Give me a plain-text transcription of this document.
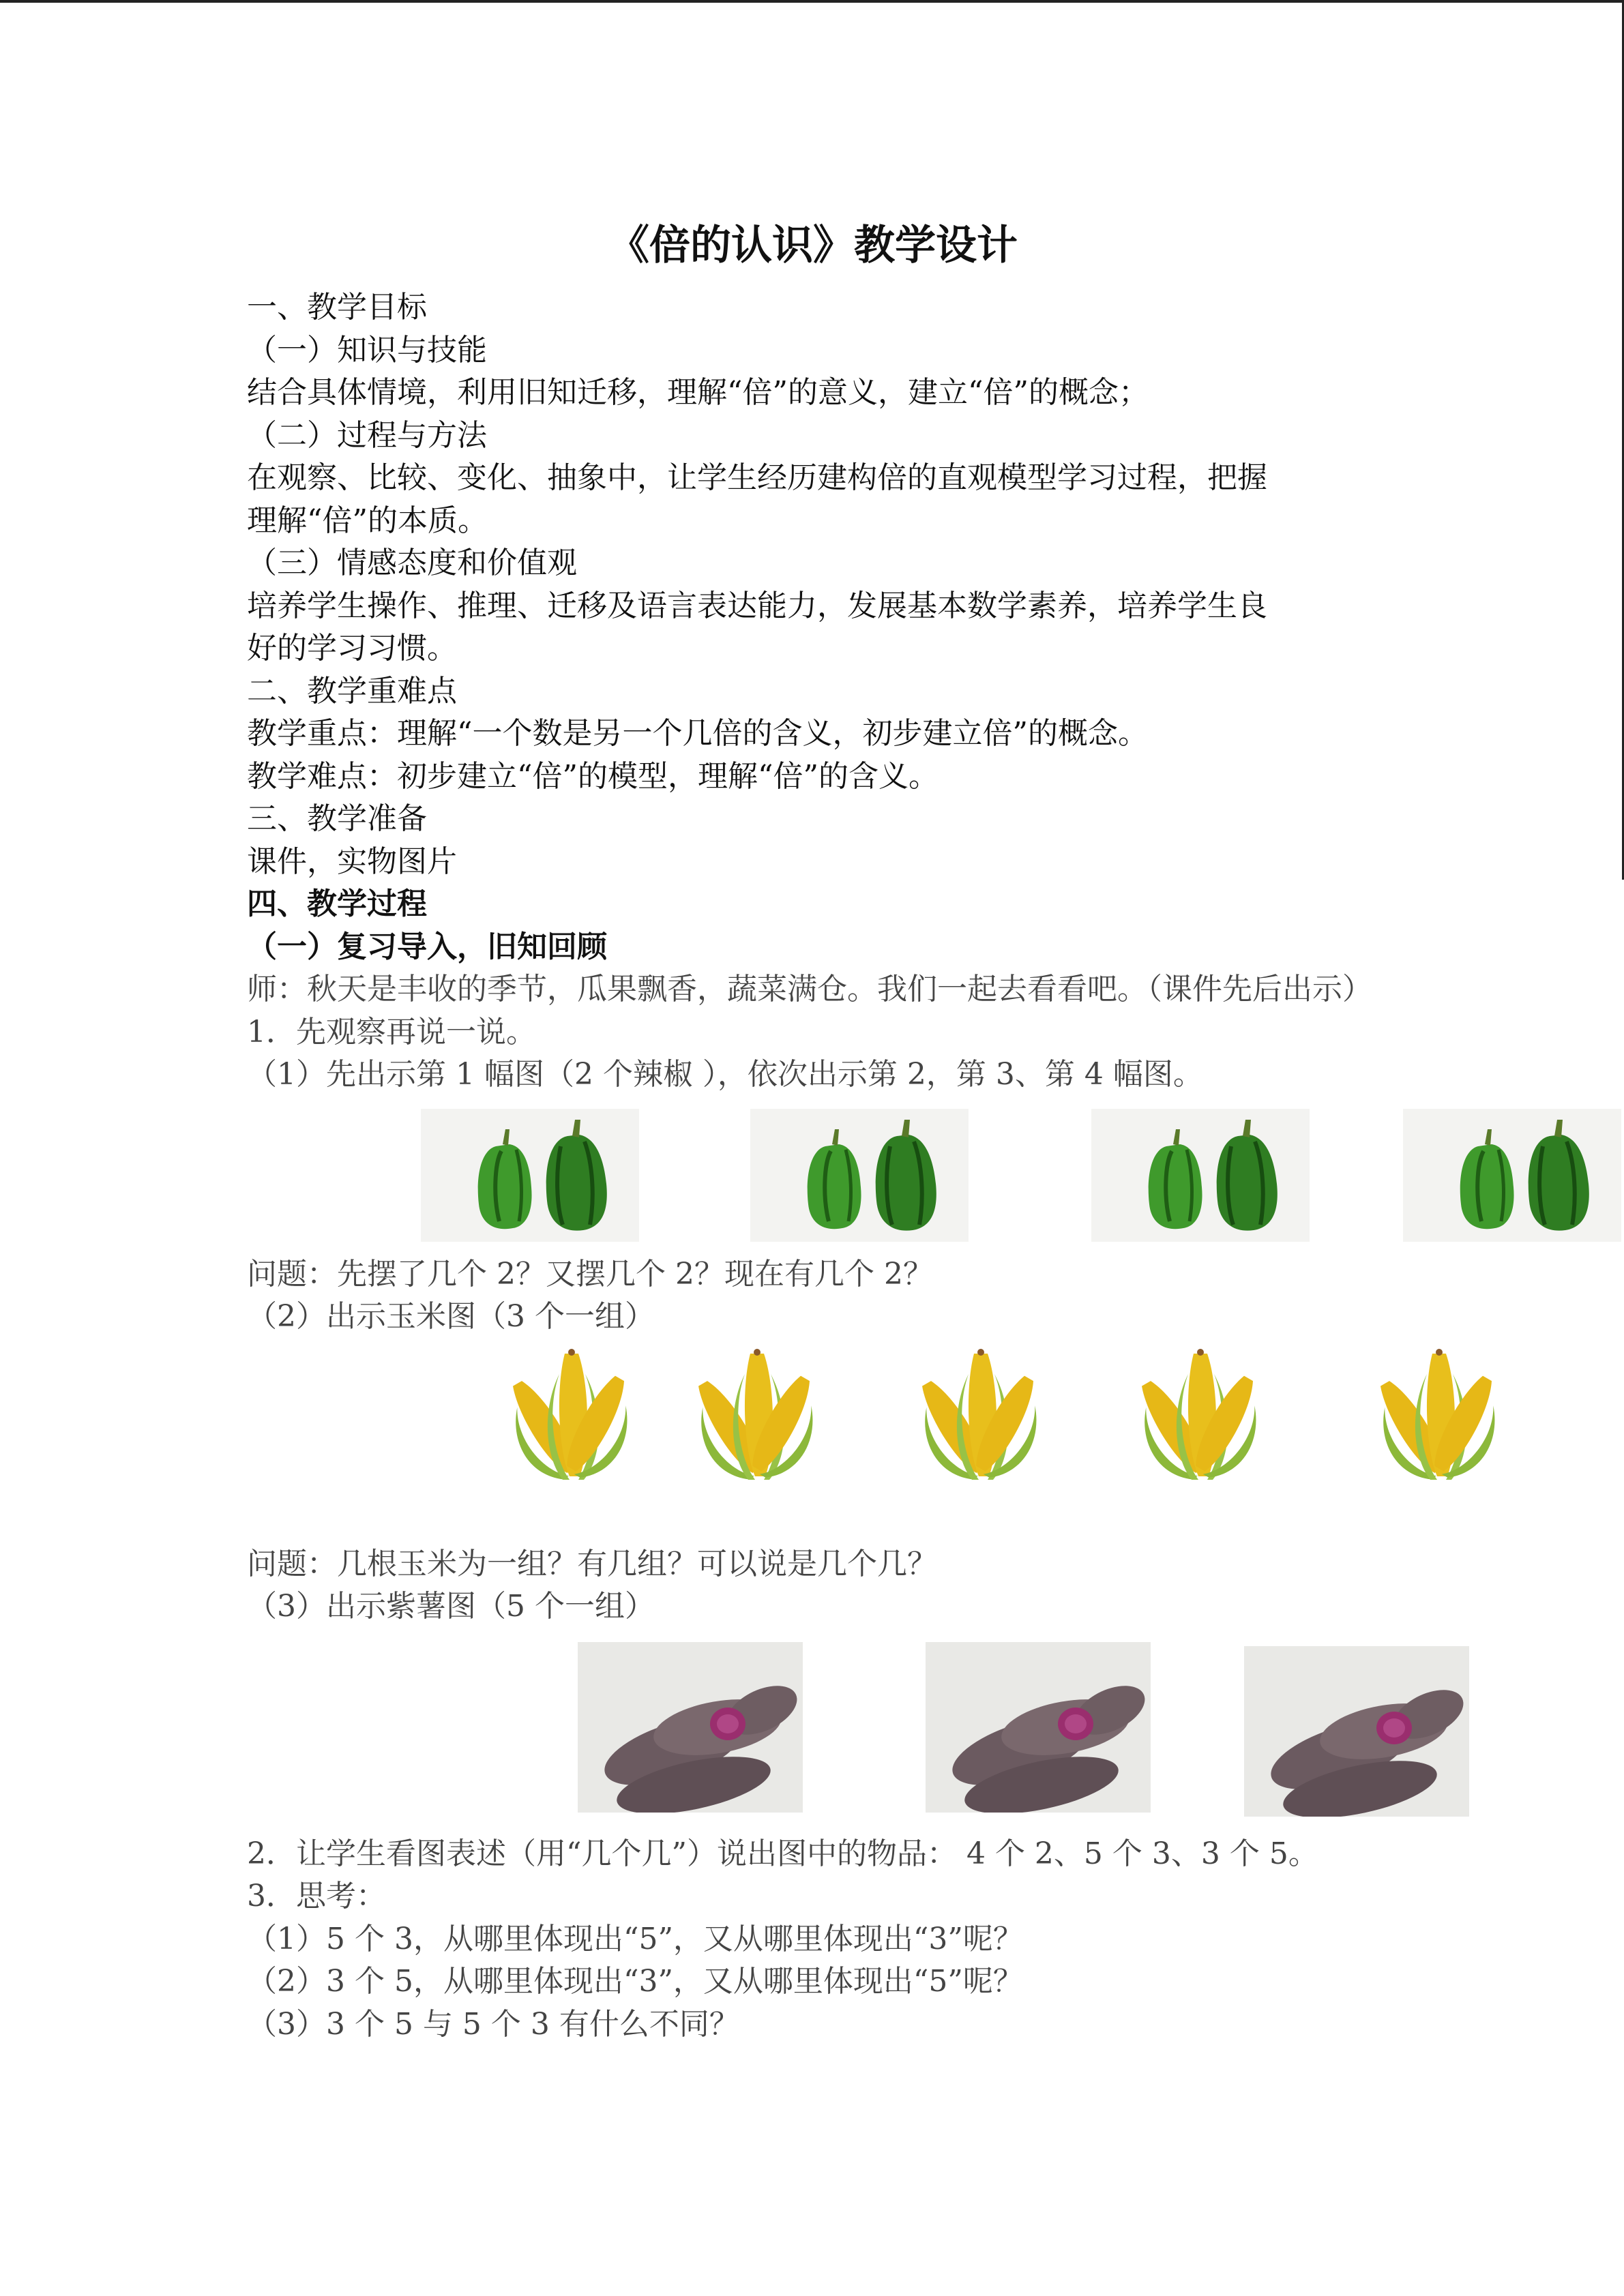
《倍的认识》教学设计

一、教学目标

（一）知识与技能

结合具体情境，利用旧知迁移，理解“倍”的意义，建立“倍”的概念；

（二）过程与方法

在观察、比较、变化、抽象中，让学生经历建构倍的直观模型学习过程，把握

理解“倍”的本质。

（三）情感态度和价值观

培养学生操作、推理、迁移及语言表达能力，发展基本数学素养，培养学生良

好的学习习惯。

二、教学重难点

教学重点：理解“一个数是另一个几倍的含义，初步建立倍”的概念。

教学难点：初步建立“倍”的模型，理解“倍”的含义。

三、教学准备

课件，实物图片

四、教学过程

（一）复习导入，旧知回顾

师：秋天是丰收的季节，瓜果飘香，蔬菜满仓。我们一起去看看吧。（课件先后出示）

1．先观察再说一说。

（1）先出示第 1 幅图（2 个辣椒 ），依次出示第 2，第 3、第 4 幅图。

问题：先摆了几个 2？又摆几个 2？现在有几个 2？

（2）出示玉米图（3 个一组）

问题：几根玉米为一组？有几组？可以说是几个几？

（3）出示紫薯图（5 个一组）

2．让学生看图表述（用“几个几”）说出图中的物品： 4 个 2、5 个 3、3 个 5。

3．思考：

（1）5 个 3，从哪里体现出“5”，又从哪里体现出“3”呢？

（2）3 个 5，从哪里体现出“3”，又从哪里体现出“5”呢？

（3）3 个 5 与 5 个 3 有什么不同？
